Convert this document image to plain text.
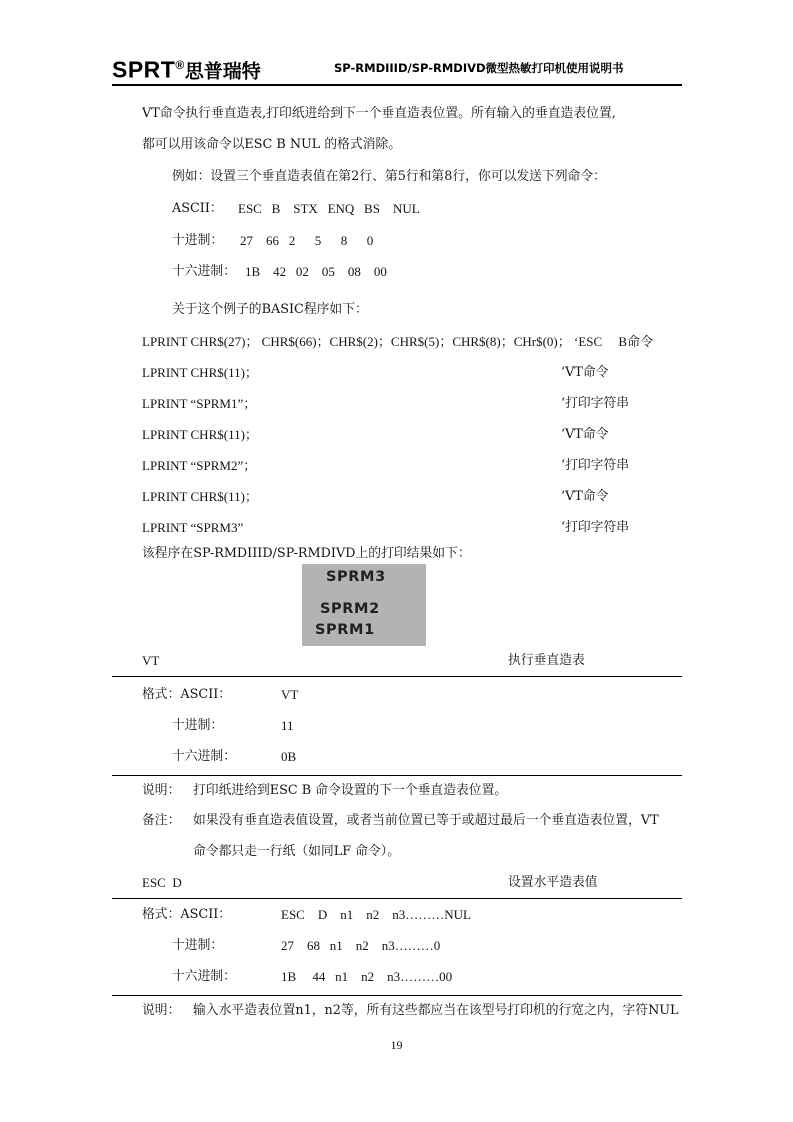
SPRT®思普瑞特	SP-RMDIIID/SP-RMDIVD微型热敏打印机使用说明书
VT命令执行垂直造表,打印纸进给到下一个垂直造表位置。所有输入的垂直造表位置,
都可以用该命令以ESC B NUL 的格式消除。
例如：设置三个垂直造表值在第2行、第5行和第8行，你可以发送下列命令：
ASCII： ESC   B    STX   ENQ   BS    NUL
十进制： 27    66   2      5      8      0
十六进制： 1B    42   02    05    08    00
关于这个例子的BASIC程序如下：
LPRINT CHR$(27)； CHR$(66)；CHR$(2)；CHR$(5)；CHR$(8)；CHr$(0)； ‘ESC     B命令
LPRINT CHR$(11)；	‘VT命令
LPRINT “SPRM1”；	‘打印字符串
LPRINT CHR$(11)；	‘VT命令
LPRINT “SPRM2”；	‘打印字符串
LPRINT CHR$(11)；	‘VT命令
LPRINT “SPRM3”	‘打印字符串
该程序在SP-RMDIIID/SP-RMDIVD上的打印结果如下：
SPRM3
SPRM2
SPRM1
VT	执行垂直造表
格式：ASCII：	VT
十进制：	11
十六进制：	0B
说明： 打印纸进给到ESC B 命令设置的下一个垂直造表位置。
备注： 如果没有垂直造表值设置，或者当前位置已等于或超过最后一个垂直造表位置，VT
命令都只走一行纸（如同LF 命令）。
ESC  D	设置水平造表值
格式：ASCII：	ESC    D    n1    n2    n3………NUL
十进制：	27    68   n1    n2    n3………0
十六进制：	1B     44   n1    n2    n3………00
说明： 输入水平造表位置n1，n2等，所有这些都应当在该型号打印机的行宽之内，字符NUL
19
